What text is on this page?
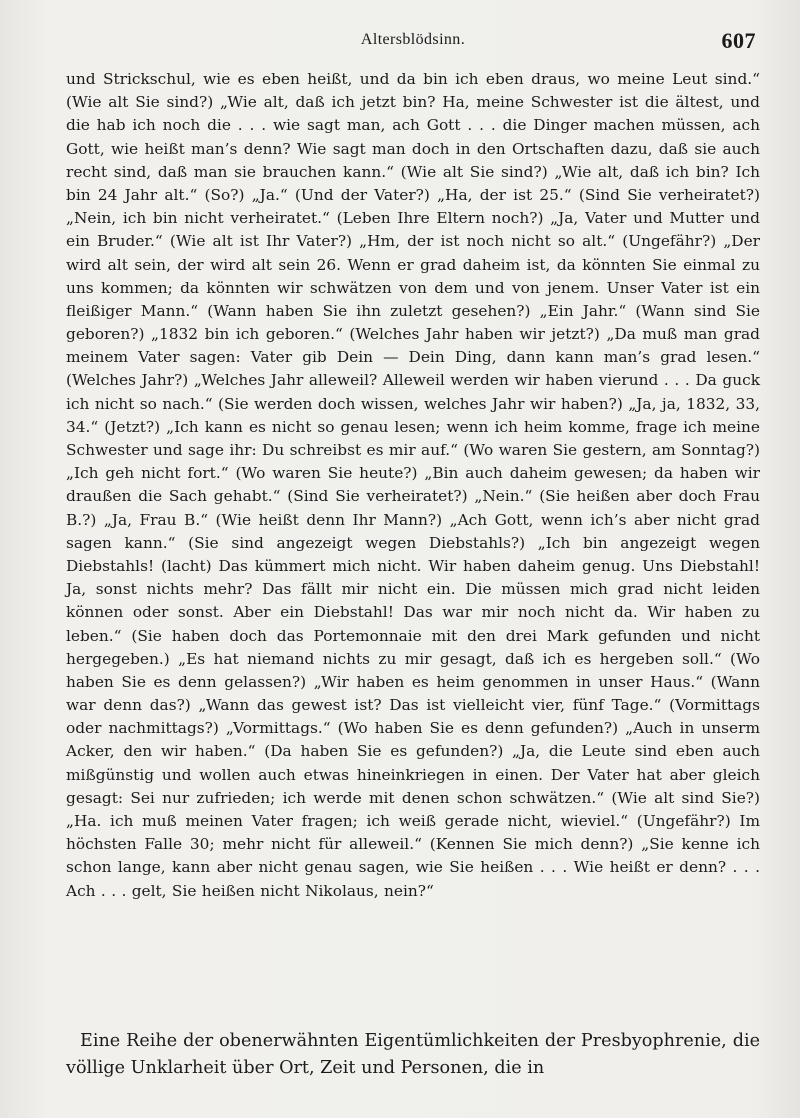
Altersblödsinn.	607

und Strickschul, wie es eben heißt, und da bin ich eben draus, wo meine Leut sind.“ (Wie alt Sie sind?) „Wie alt, daß ich jetzt bin? Ha, meine Schwester ist die ältest, und die hab ich noch die . . . wie sagt man, ach Gott . . . die Dinger machen müssen, ach Gott, wie heißt man’s denn? Wie sagt man doch in den Ortschaften dazu, daß sie auch recht sind, daß man sie brauchen kann.“ (Wie alt Sie sind?) „Wie alt, daß ich bin? Ich bin 24 Jahr alt.“ (So?) „Ja.“ (Und der Vater?) „Ha, der ist 25.“ (Sind Sie verheiratet?) „Nein, ich bin nicht verheiratet.“ (Leben Ihre Eltern noch?) „Ja, Vater und Mutter und ein Bruder.“ (Wie alt ist Ihr Vater?) „Hm, der ist noch nicht so alt.“ (Ungefähr?) „Der wird alt sein, der wird alt sein 26. Wenn er grad daheim ist, da könnten Sie einmal zu uns kommen; da könnten wir schwätzen von dem und von jenem. Unser Vater ist ein fleißiger Mann.“ (Wann haben Sie ihn zuletzt gesehen?) „Ein Jahr.“ (Wann sind Sie geboren?) „1832 bin ich geboren.“ (Welches Jahr haben wir jetzt?) „Da muß man grad meinem Vater sagen: Vater gib Dein — Dein Ding, dann kann man’s grad lesen.“ (Welches Jahr?) „Welches Jahr alleweil? Alleweil werden wir haben vierund . . . Da guck ich nicht so nach.“ (Sie werden doch wissen, welches Jahr wir haben?) „Ja, ja, 1832, 33, 34.“ (Jetzt?) „Ich kann es nicht so genau lesen; wenn ich heim komme, frage ich meine Schwester und sage ihr: Du schreibst es mir auf.“ (Wo waren Sie gestern, am Sonntag?) „Ich geh nicht fort.“ (Wo waren Sie heute?) „Bin auch daheim gewesen; da haben wir draußen die Sach gehabt.“ (Sind Sie verheiratet?) „Nein.“ (Sie heißen aber doch Frau B.?) „Ja, Frau B.“ (Wie heißt denn Ihr Mann?) „Ach Gott, wenn ich’s aber nicht grad sagen kann.“ (Sie sind angezeigt wegen Diebstahls?) „Ich bin angezeigt wegen Diebstahls! (lacht) Das kümmert mich nicht. Wir haben daheim genug. Uns Diebstahl! Ja, sonst nichts mehr? Das fällt mir nicht ein. Die müssen mich grad nicht leiden können oder sonst. Aber ein Diebstahl! Das war mir noch nicht da. Wir haben zu leben.“ (Sie haben doch das Portemonnaie mit den drei Mark gefunden und nicht hergegeben.) „Es hat niemand nichts zu mir gesagt, daß ich es hergeben soll.“ (Wo haben Sie es denn gelassen?) „Wir haben es heim genommen in unser Haus.“ (Wann war denn das?) „Wann das gewest ist? Das ist vielleicht vier, fünf Tage.“ (Vormittags oder nachmittags?) „Vormittags.“ (Wo haben Sie es denn gefunden?) „Auch in unserm Acker, den wir haben.“ (Da haben Sie es gefunden?) „Ja, die Leute sind eben auch mißgünstig und wollen auch etwas hineinkriegen in einen. Der Vater hat aber gleich gesagt: Sei nur zufrieden; ich werde mit denen schon schwätzen.“ (Wie alt sind Sie?) „Ha. ich muß meinen Vater fragen; ich weiß gerade nicht, wieviel.“ (Ungefähr?) Im höchsten Falle 30; mehr nicht für alleweil.“ (Kennen Sie mich denn?) „Sie kenne ich schon lange, kann aber nicht genau sagen, wie Sie heißen . . . Wie heißt er denn? . . . Ach . . . gelt, Sie heißen nicht Nikolaus, nein?“

Eine Reihe der obenerwähnten Eigentümlichkeiten der Presbyophrenie, die völlige Unklarheit über Ort, Zeit und Personen, die in
